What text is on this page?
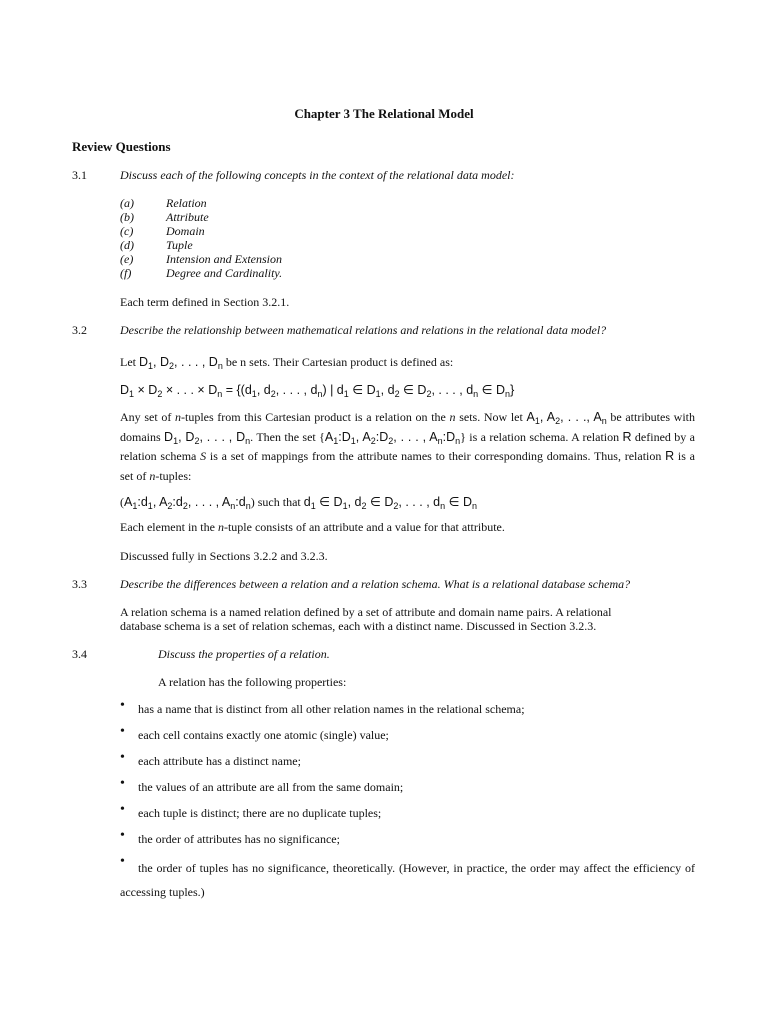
Chapter 3 The Relational Model
Review Questions
3.1	Discuss each of the following concepts in the context of the relational data model:
(a)	Relation
(b)	Attribute
(c)	Domain
(d)	Tuple
(e)	Intension and Extension
(f)	Degree and Cardinality.
Each term defined in Section 3.2.1.
3.2	Describe the relationship between mathematical relations and relations in the relational data model?
Let $D_1$, $D_2$, . . . , $D_n$ be n sets. Their Cartesian product is defined as:
$D_1 \times D_2$ × . . . × $D_n = \{(d_1$, $d_2$, . . . , $d_n$) | $d_1$ ∈ $D_1$, $d_2$ ∈ $D_2$, . . . , $d_n$ ∈ $D_n$}
Any set of n-tuples from this Cartesian product is a relation on the n sets. Now let $A_1$, $A_2$, . . ., $A_n$ be attributes with domains $D_1$, $D_2$, . . . , $D_n$. Then the set {$A_1:D_1$, $A_2:D_2$, . . . , $A_n:D_n$} is a relation schema. A relation R defined by a relation schema S is a set of mappings from the attribute names to their corresponding domains. Thus, relation R is a set of n-tuples:
($A_1:d_1$, $A_2:d_2$, . . . , $A_n:d_n$) such that $d_1$ ∈ $D_1$, $d_2$ ∈ $D_2$, . . . , $d_n$ ∈ $D_n$
Each element in the n-tuple consists of an attribute and a value for that attribute.
Discussed fully in Sections 3.2.2 and 3.2.3.
3.3	Describe the differences between a relation and a relation schema. What is a relational database schema?
A relation schema is a named relation defined by a set of attribute and domain name pairs. A relational
database schema is a set of relation schemas, each with a distinct name. Discussed in Section 3.2.3.
3.4	Discuss the properties of a relation.
A relation has the following properties:
• has a name that is distinct from all other relation names in the relational schema;
• each cell contains exactly one atomic (single) value;
• each attribute has a distinct name;
• the values of an attribute are all from the same domain;
• each tuple is distinct; there are no duplicate tuples;
• the order of attributes has no significance;
•	the order of tuples has no significance, theoretically. (However, in practice, the order may affect the efficiency of accessing tuples.)
